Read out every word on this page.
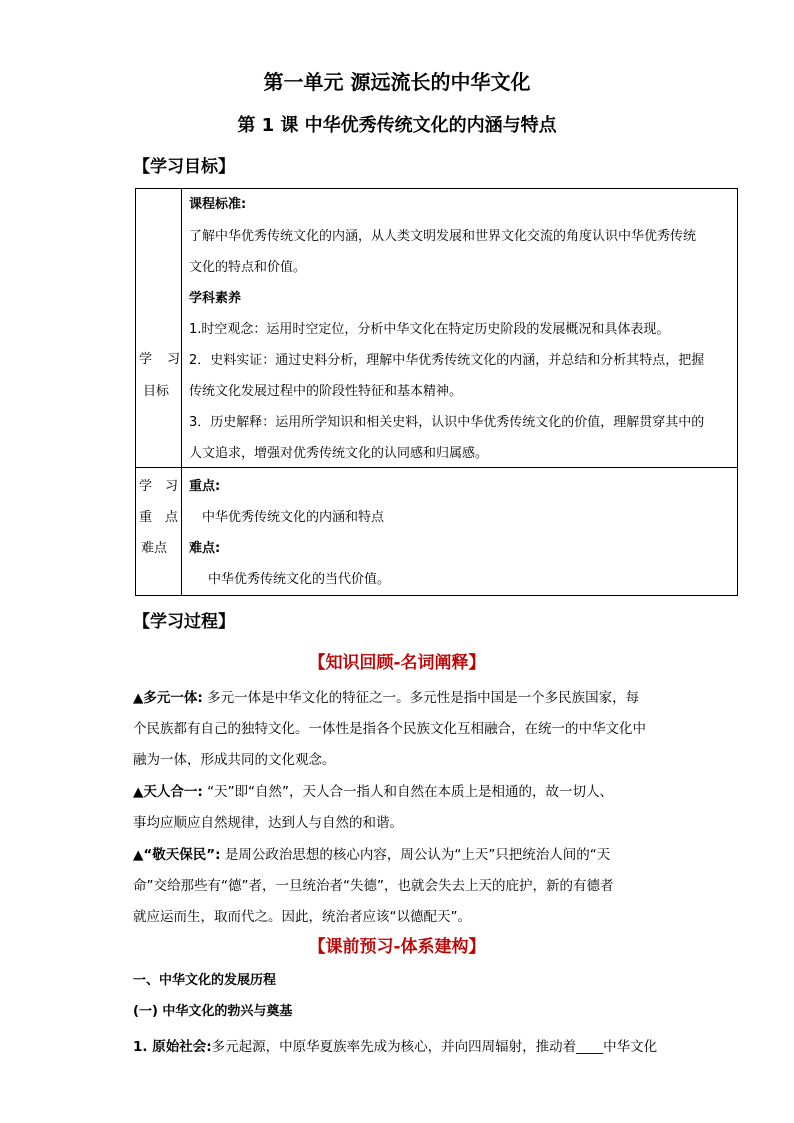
第一单元 源远流长的中华文化
第 1 课 中华优秀传统文化的内涵与特点
【学习目标】
学　习
目标
课程标准:
了解中华优秀传统文化的内涵，从人类文明发展和世界文化交流的角度认识中华优秀传统
文化的特点和价值。
学科素养
1.时空观念：运用时空定位，分析中华文化在特定历史阶段的发展概况和具体表现。
2．史料实证：通过史料分析，理解中华优秀传统文化的内涵，并总结和分析其特点，把握
传统文化发展过程中的阶段性特征和基本精神。
3．历史解释：运用所学知识和相关史料，认识中华优秀传统文化的价值，理解贯穿其中的
人文追求，增强对优秀传统文化的认同感和归属感。
学　习
重　点
难点
重点:
中华优秀传统文化的内涵和特点
难点:
中华优秀传统文化的当代价值。
【学习过程】
【知识回顾-名词阐释】
▲多元一体: 多元一体是中华文化的特征之一。多元性是指中国是一个多民族国家，每
个民族都有自己的独特文化。一体性是指各个民族文化互相融合，在统一的中华文化中
融为一体，形成共同的文化观念。
▲天人合一: “天”即“自然”，天人合一指人和自然在本质上是相通的，故一切人、
事均应顺应自然规律，达到人与自然的和谐。
▲“敬天保民”: 是周公政治思想的核心内容，周公认为“上天”只把统治人间的“天
命”交给那些有“德”者，一旦统治者“失德”，也就会失去上天的庇护，新的有德者
就应运而生，取而代之。因此，统治者应该“以德配天”。
【课前预习-体系建构】
一、中华文化的发展历程
(一) 中华文化的勃兴与奠基
1. 原始社会:多元起源，中原华夏族率先成为核心，并向四周辐射，推动着____中华文化
